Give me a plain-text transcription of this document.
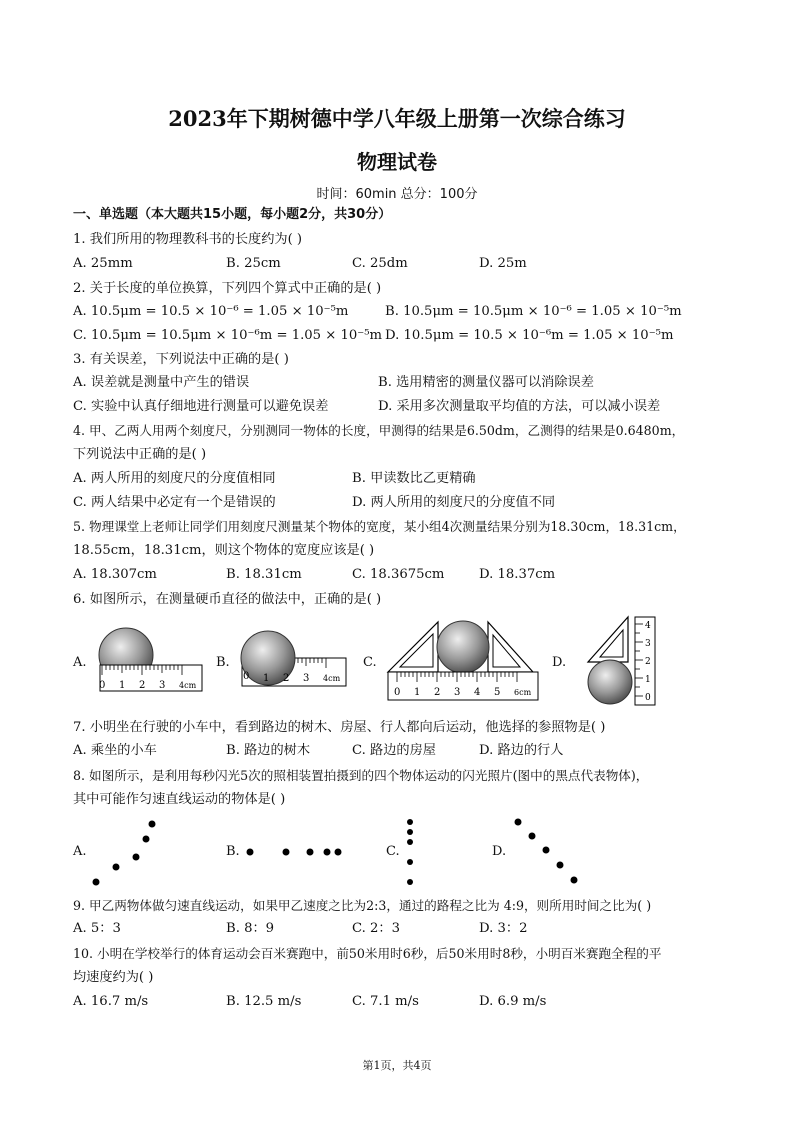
2023年下期树德中学八年级上册第一次综合练习
物理试卷
时间：60min 总分：100分
一、单选题（本大题共15小题，每小题2分，共30分）
1. 我们所用的物理教科书的长度约为( )
A. 25mm	B. 25cm	C. 25dm	D. 25m
2. 关于长度的单位换算，下列四个算式中正确的是( )
A. 10.5μm = 10.5 × 10⁻⁶ = 1.05 × 10⁻⁵m	B. 10.5μm = 10.5μm × 10⁻⁶ = 1.05 × 10⁻⁵m
C. 10.5μm = 10.5μm × 10⁻⁶m = 1.05 × 10⁻⁵m D. 10.5μm = 10.5 × 10⁻⁶m = 1.05 × 10⁻⁵m
3. 有关误差，下列说法中正确的是( )
A. 误差就是测量中产生的错误	B. 选用精密的测量仪器可以消除误差
C. 实验中认真仔细地进行测量可以避免误差	D. 采用多次测量取平均值的方法，可以减小误差
4. 甲、乙两人用两个刻度尺，分别测同一物体的长度，甲测得的结果是6.50dm，乙测得的结果是0.6480m，
下列说法中正确的是( )
A. 两人所用的刻度尺的分度值相同	B. 甲读数比乙更精确
C. 两人结果中必定有一个是错误的	D. 两人所用的刻度尺的分度值不同
5. 物理课堂上老师让同学们用刻度尺测量某个物体的宽度，某小组4次测量结果分别为18.30cm，18.31cm，
18.55cm，18.31cm，则这个物体的宽度应该是( )
A. 18.307cm	B. 18.31cm	C. 18.3675cm	D. 18.37cm
6. 如图所示，在测量硬币直径的做法中，正确的是( )
A.
0 1 2 3 4cm
B.
0 1 2 3 4cm
C.
0 1 2 3 4 5 6cm
D.
4
3
2
1
0
7. 小明坐在行驶的小车中，看到路边的树木、房屋、行人都向后运动，他选择的参照物是( )
A. 乘坐的小车	B. 路边的树木	C. 路边的房屋	D. 路边的行人
8. 如图所示，是利用每秒闪光5次的照相装置拍摄到的四个物体运动的闪光照片(图中的黑点代表物体)，
其中可能作匀速直线运动的物体是( )
A.	B.	C.	D.
9. 甲乙两物体做匀速直线运动，如果甲乙速度之比为2:3，通过的路程之比为 4:9，则所用时间之比为( )
A. 5：3	B. 8：9	C. 2：3	D. 3：2
10. 小明在学校举行的体育运动会百米赛跑中，前50米用时6秒，后50米用时8秒，小明百米赛跑全程的平
均速度约为( )
A. 16.7 m/s	B. 12.5 m/s	C. 7.1 m/s	D. 6.9 m/s
第1页，共4页
